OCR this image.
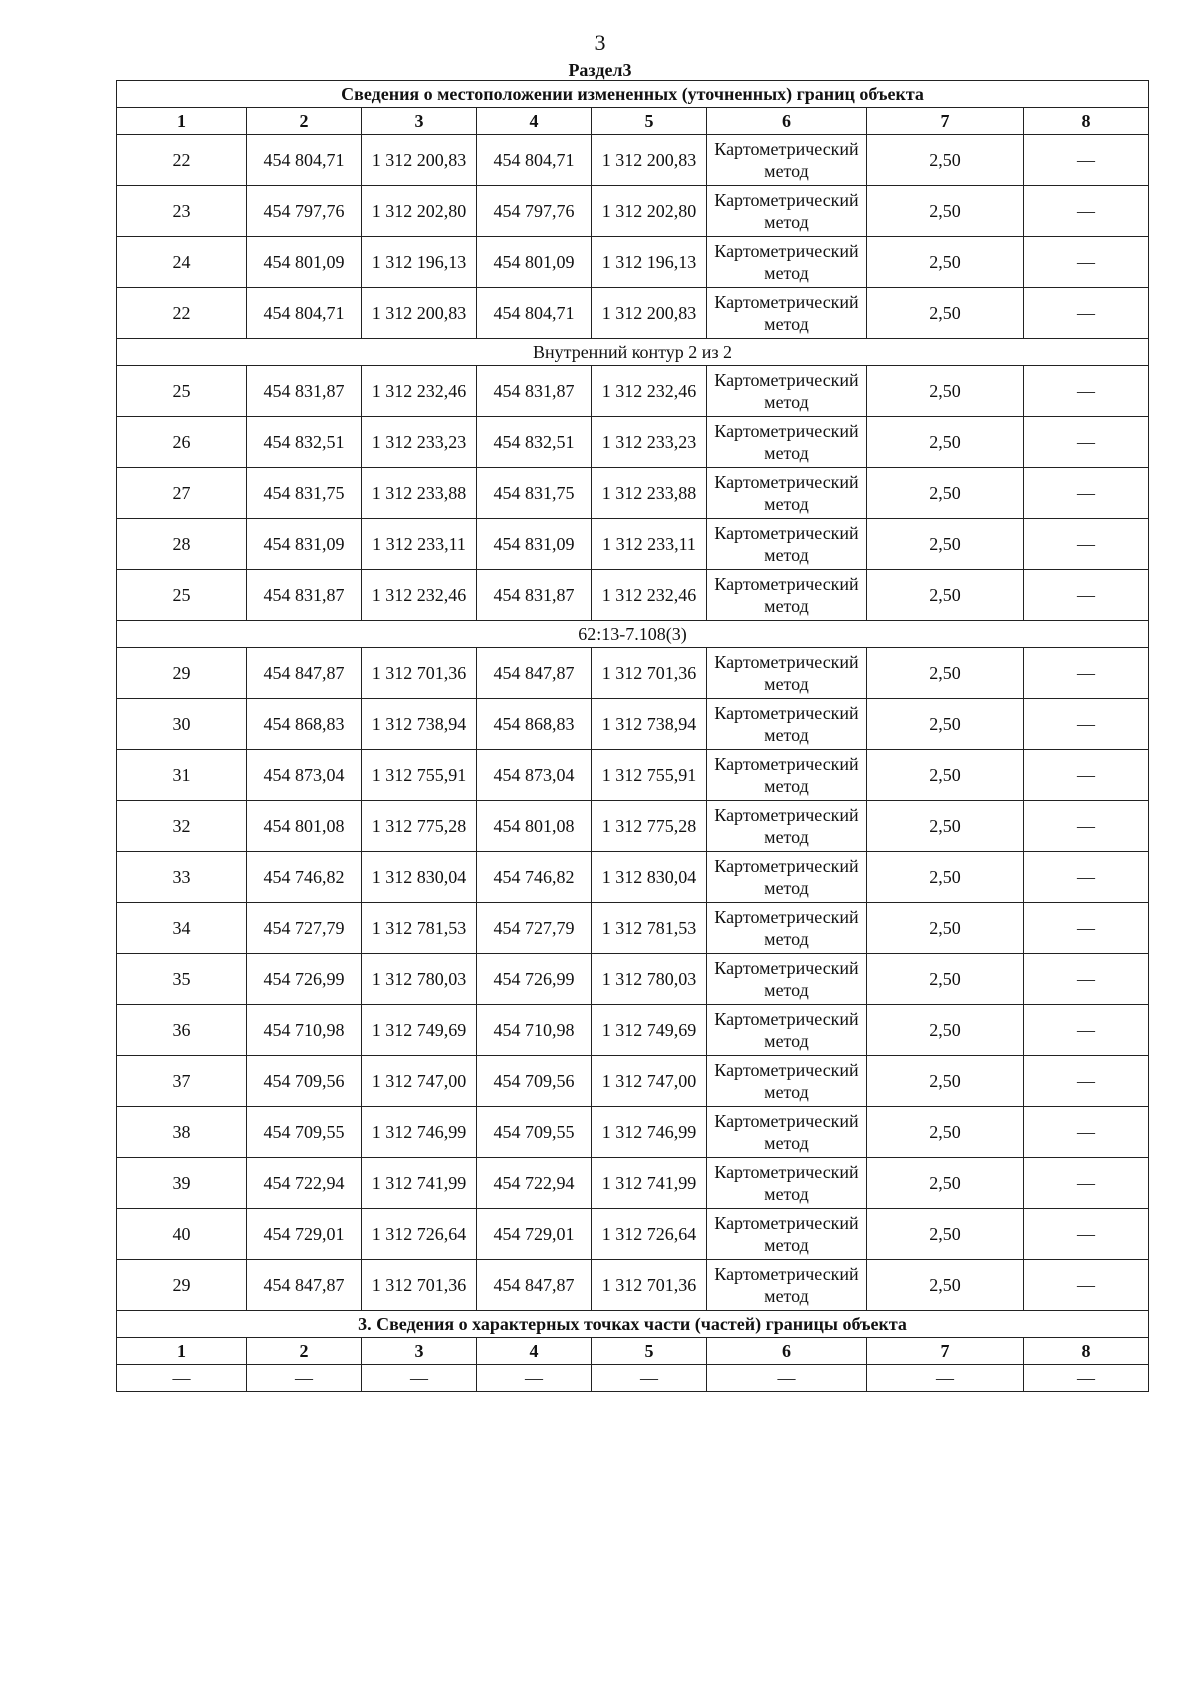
3
Раздел3
Сведения о местоположении измененных (уточненных) границ объекта							
1	2	3	4	5	6	7	8
22	454 804,71	1 312 200,83	454 804,71	1 312 200,83	Картометрический метод	2,50	—
23	454 797,76	1 312 202,80	454 797,76	1 312 202,80	Картометрический метод	2,50	—
24	454 801,09	1 312 196,13	454 801,09	1 312 196,13	Картометрический метод	2,50	—
22	454 804,71	1 312 200,83	454 804,71	1 312 200,83	Картометрический метод	2,50	—
Внутренний контур 2 из 2							
25	454 831,87	1 312 232,46	454 831,87	1 312 232,46	Картометрический метод	2,50	—
26	454 832,51	1 312 233,23	454 832,51	1 312 233,23	Картометрический метод	2,50	—
27	454 831,75	1 312 233,88	454 831,75	1 312 233,88	Картометрический метод	2,50	—
28	454 831,09	1 312 233,11	454 831,09	1 312 233,11	Картометрический метод	2,50	—
25	454 831,87	1 312 232,46	454 831,87	1 312 232,46	Картометрический метод	2,50	—
62:13-7.108(3)							
29	454 847,87	1 312 701,36	454 847,87	1 312 701,36	Картометрический метод	2,50	—
30	454 868,83	1 312 738,94	454 868,83	1 312 738,94	Картометрический метод	2,50	—
31	454 873,04	1 312 755,91	454 873,04	1 312 755,91	Картометрический метод	2,50	—
32	454 801,08	1 312 775,28	454 801,08	1 312 775,28	Картометрический метод	2,50	—
33	454 746,82	1 312 830,04	454 746,82	1 312 830,04	Картометрический метод	2,50	—
34	454 727,79	1 312 781,53	454 727,79	1 312 781,53	Картометрический метод	2,50	—
35	454 726,99	1 312 780,03	454 726,99	1 312 780,03	Картометрический метод	2,50	—
36	454 710,98	1 312 749,69	454 710,98	1 312 749,69	Картометрический метод	2,50	—
37	454 709,56	1 312 747,00	454 709,56	1 312 747,00	Картометрический метод	2,50	—
38	454 709,55	1 312 746,99	454 709,55	1 312 746,99	Картометрический метод	2,50	—
39	454 722,94	1 312 741,99	454 722,94	1 312 741,99	Картометрический метод	2,50	—
40	454 729,01	1 312 726,64	454 729,01	1 312 726,64	Картометрический метод	2,50	—
29	454 847,87	1 312 701,36	454 847,87	1 312 701,36	Картометрический метод	2,50	—
3. Сведения о характерных точках части (частей) границы объекта							
1	2	3	4	5	6	7	8
—	—	—	—	—	—	—	—
